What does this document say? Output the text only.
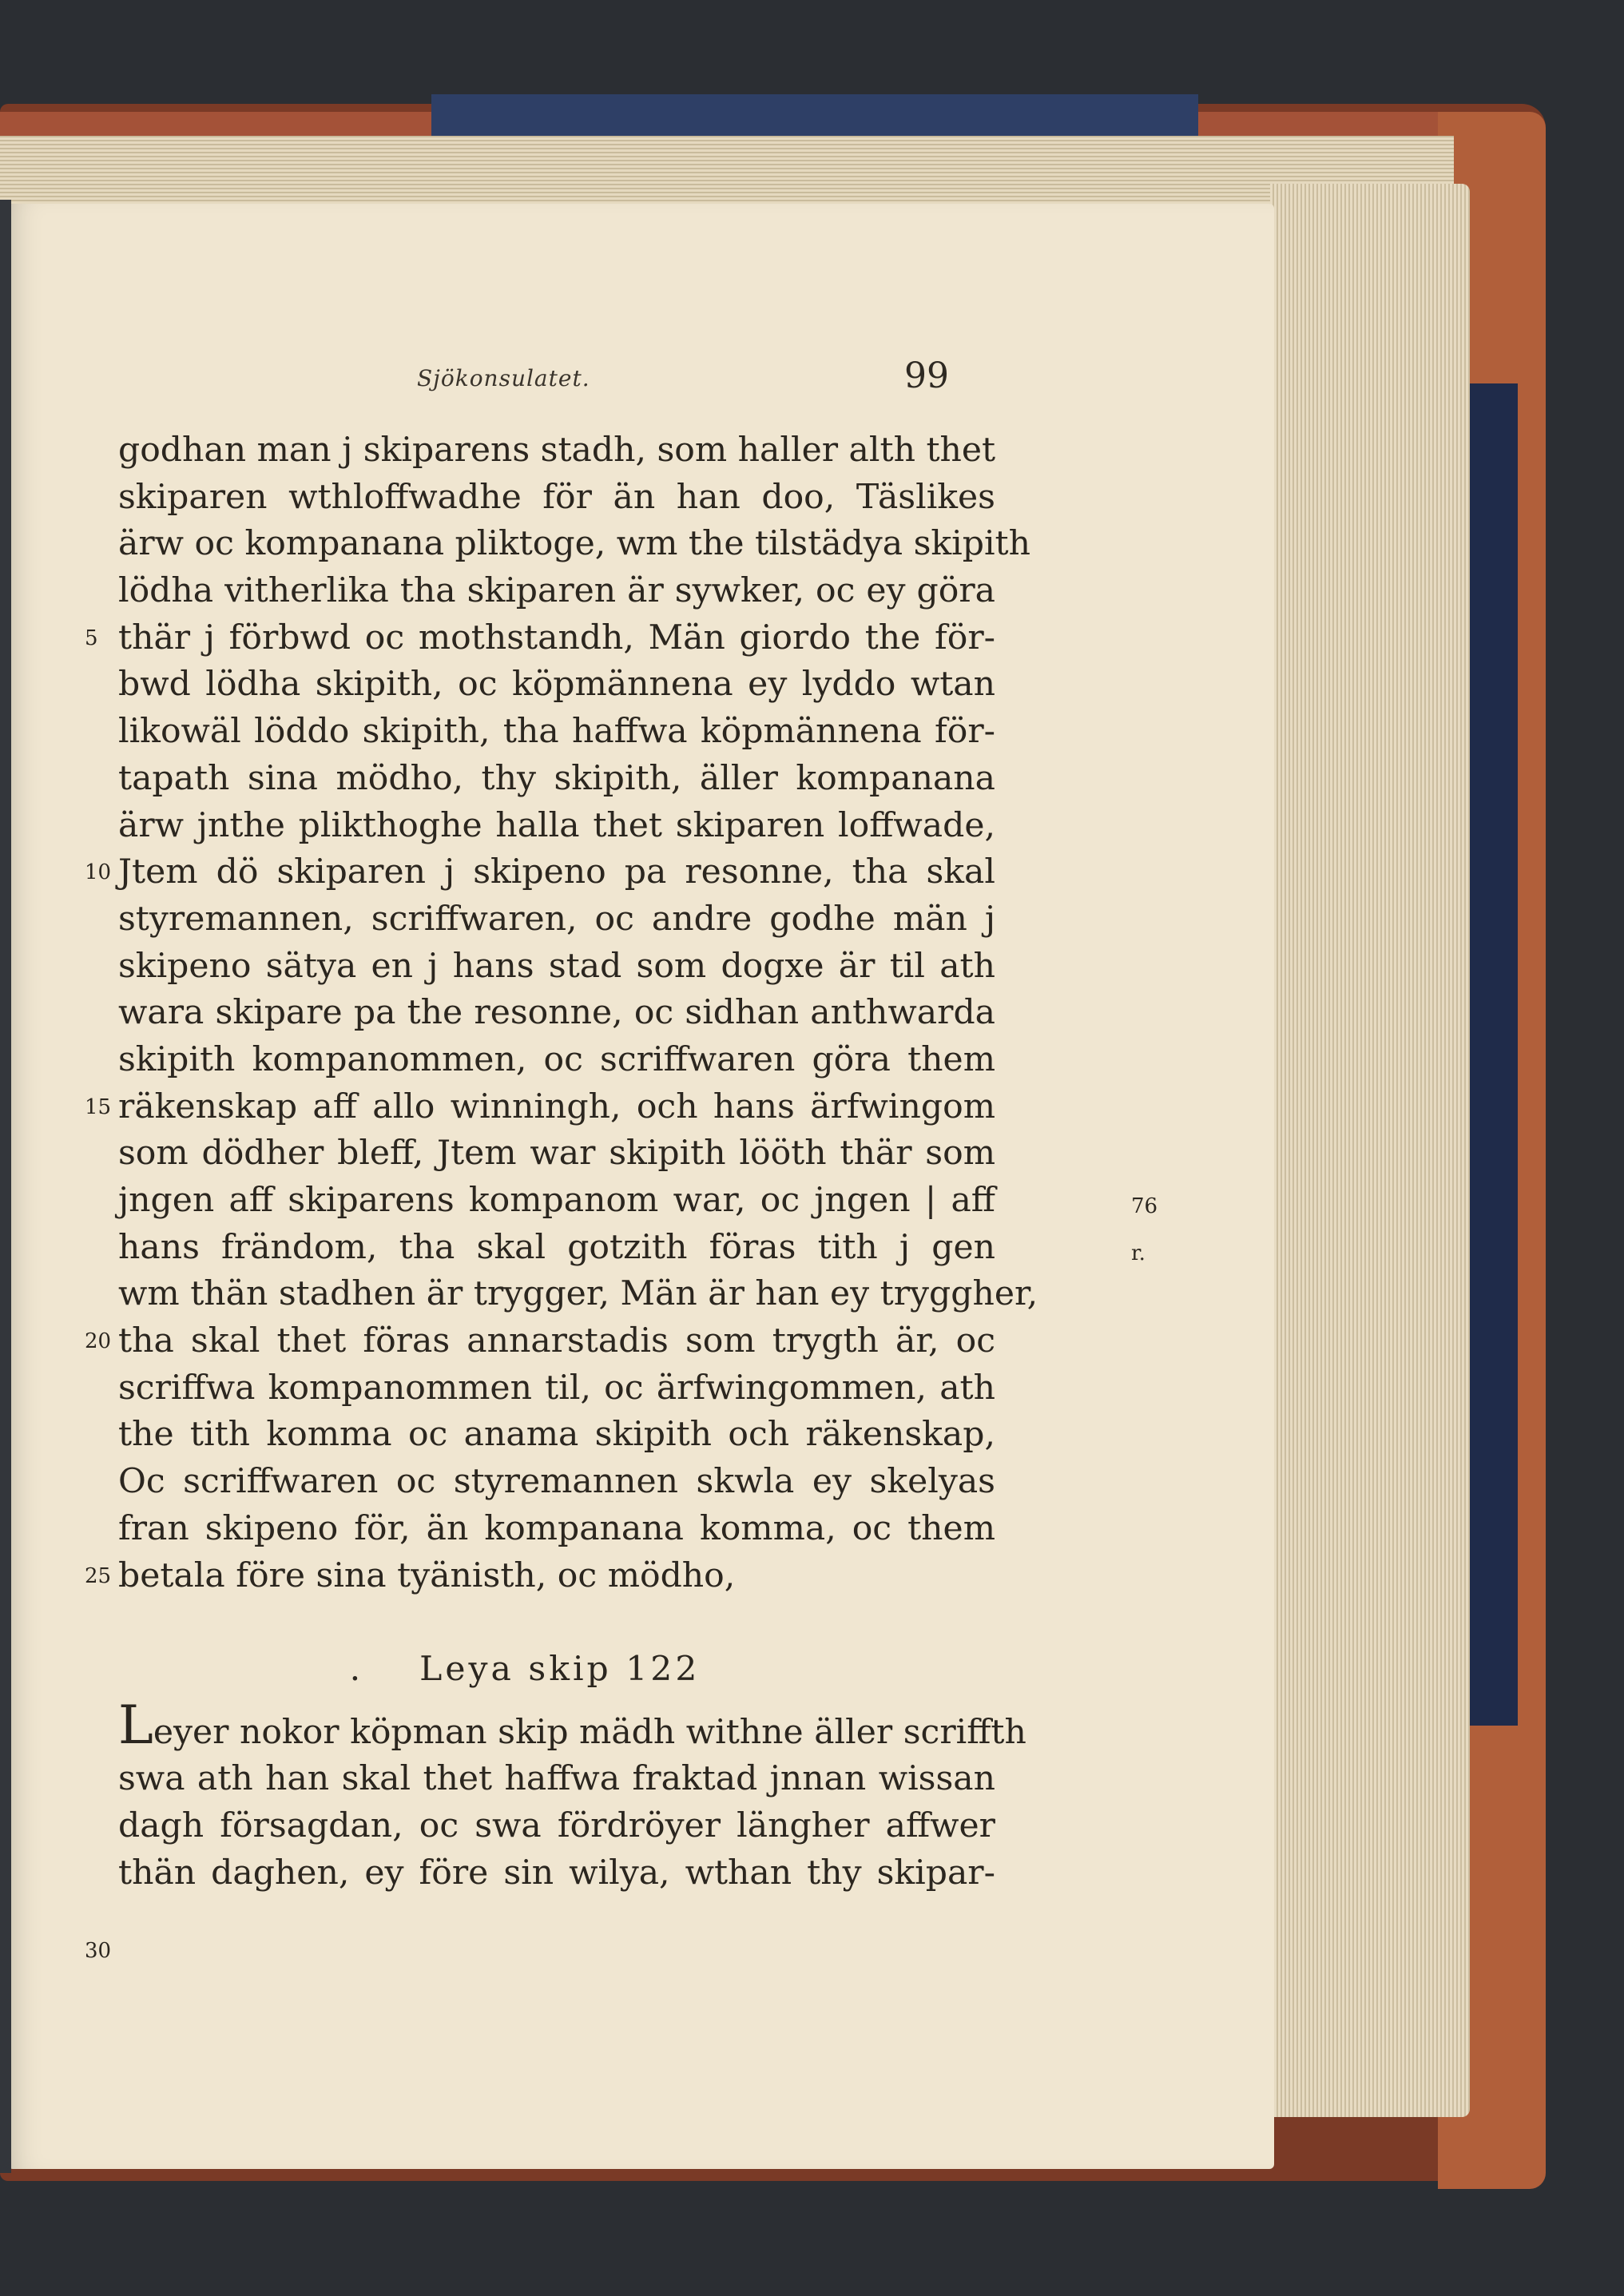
Sjökonsulatet.	99
5
10
15
20
25
30
76 r.
godhan man j skiparens stadh, som haller alth thet
skiparen wthloffwadhe för än han doo, Täslikes
ärw oc kompanana pliktoge, wm the tilstädya skipith
lödha vitherlika tha skiparen är sywker, oc ey göra
thär j förbwd oc mothstandh, Män giordo the för-
bwd lödha skipith, oc köpmännena ey lyddo wtan
likowäl löddo skipith, tha haffwa köpmännena för-
tapath sina mödho, thy skipith, äller kompanana
ärw jnthe plikthoghe halla thet skiparen loffwade,
Jtem dö skiparen j skipeno pa resonne, tha skal
styremannen, scriffwaren, oc andre godhe män j
skipeno sätya en j hans stad som dogxe är til ath
wara skipare pa the resonne, oc sidhan anthwarda
skipith kompanommen, oc scriffwaren göra them
räkenskap aff allo winningh, och hans ärfwingom
som dödher bleff, Jtem war skipith lööth thär som
jngen aff skiparens kompanom war, oc jngen | aff
hans frändom, tha skal gotzith föras tith j gen
wm thän stadhen är trygger, Män är han ey tryggher,
tha skal thet föras annarstadis som trygth är, oc
scriffwa kompanommen til, oc ärfwingommen, ath
the tith komma oc anama skipith och räkenskap,
Oc scriffwaren oc styremannen skwla ey skelyas
fran skipeno för, än kompanana komma, oc them
betala före sina tyänisth, oc mödho,
. Leya skip 122
Leyer nokor köpman skip mädh withne äller scriffth
swa ath han skal thet haffwa fraktad jnnan wissan
dagh försagdan, oc swa fördröyer längher affwer
thän daghen, ey före sin wilya, wthan thy skipar-
